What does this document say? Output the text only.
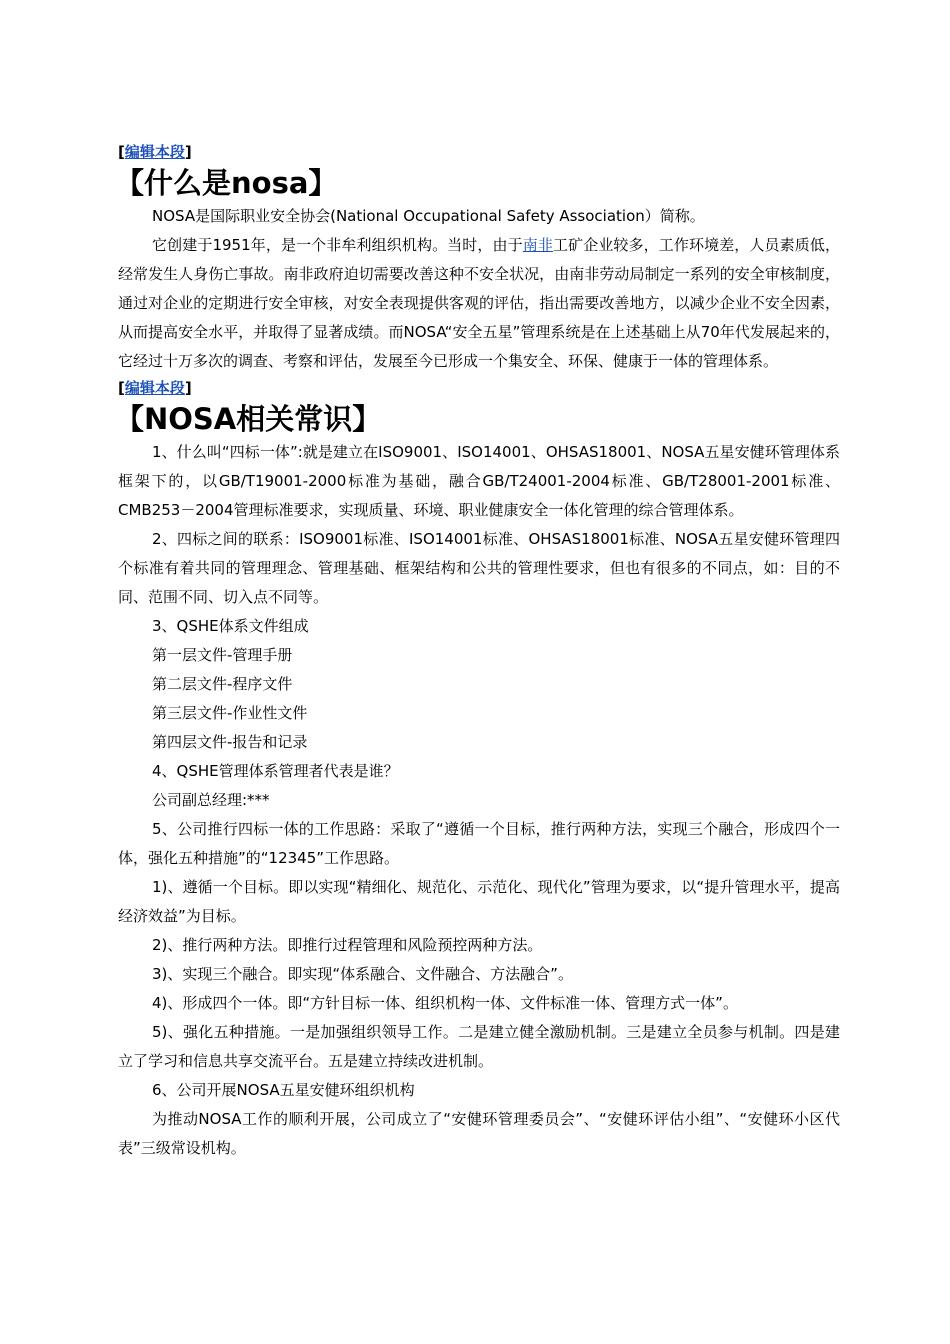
[编辑本段]
【什么是nosa】

NOSA是国际职业安全协会(National Occupational Safety Association）简称。

它创建于1951年，是一个非牟利组织机构。当时，由于南非工矿企业较多，工作环境差，人员素质低，经常发生人身伤亡事故。南非政府迫切需要改善这种不安全状况，由南非劳动局制定一系列的安全审核制度，通过对企业的定期进行安全审核，对安全表现提供客观的评估，指出需要改善地方，以减少企业不安全因素，从而提高安全水平，并取得了显著成绩。而NOSA“安全五星”管理系统是在上述基础上从70年代发展起来的，它经过十万多次的调查、考察和评估，发展至今已形成一个集安全、环保、健康于一体的管理体系。

[编辑本段]
【NOSA相关常识】

1、什么叫“四标一体”:就是建立在ISO9001、ISO14001、OHSAS18001、NOSA五星安健环管理体系框架下的，以GB/T19001-2000标准为基础，融合GB/T24001-2004标准、GB/T28001-2001标准、CMB253－2004管理标准要求，实现质量、环境、职业健康安全一体化管理的综合管理体系。

2、四标之间的联系：ISO9001标准、ISO14001标准、OHSAS18001标准、NOSA五星安健环管理四个标准有着共同的管理理念、管理基础、框架结构和公共的管理性要求，但也有很多的不同点，如：目的不同、范围不同、切入点不同等。

3、QSHE体系文件组成

第一层文件-管理手册

第二层文件-程序文件

第三层文件-作业性文件

第四层文件-报告和记录

4、QSHE管理体系管理者代表是谁？

公司副总经理:***

5、公司推行四标一体的工作思路：采取了“遵循一个目标，推行两种方法，实现三个融合，形成四个一体，强化五种措施”的“12345”工作思路。

1)、遵循一个目标。即以实现“精细化、规范化、示范化、现代化”管理为要求，以“提升管理水平，提高经济效益”为目标。

2)、推行两种方法。即推行过程管理和风险预控两种方法。

3)、实现三个融合。即实现“体系融合、文件融合、方法融合”。

4)、形成四个一体。即“方针目标一体、组织机构一体、文件标准一体、管理方式一体”。

5)、强化五种措施。一是加强组织领导工作。二是建立健全激励机制。三是建立全员参与机制。四是建立了学习和信息共享交流平台。五是建立持续改进机制。

6、公司开展NOSA五星安健环组织机构

为推动NOSA工作的顺利开展，公司成立了“安健环管理委员会”、“安健环评估小组”、“安健环小区代表”三级常设机构。
